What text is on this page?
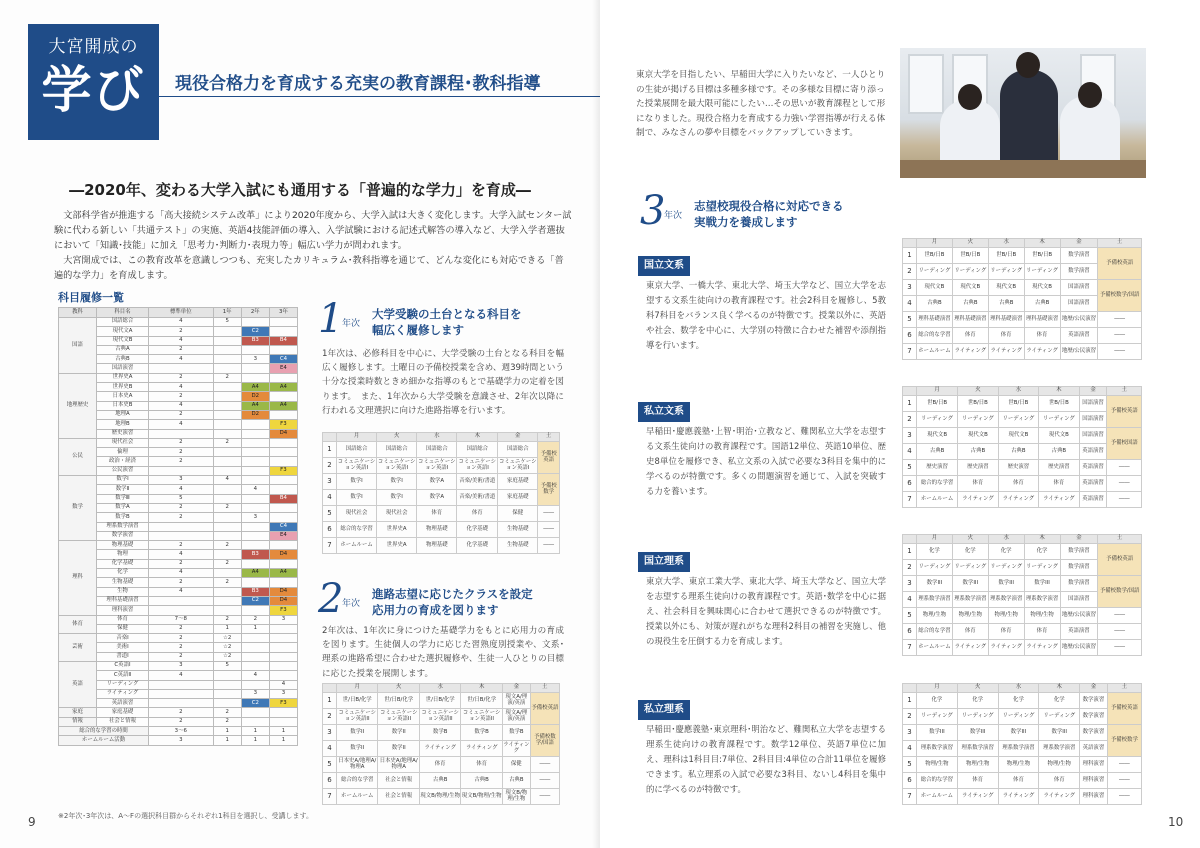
大宮開成の
学び	現役合格力を育成する充実の教育課程･教科指導
―2020年、変わる大学入試にも通用する「普遍的な学力」を育成―
文部科学省が推進する「高大接続システム改革」により2020年度から、大学入試は大きく変化します。大学入試センター試験に代わる新しい「共通テスト」の実施、英語4技能評価の導入、入学試験における記述式解答の導入など、大学入学者選抜において「知識･技能」に加え「思考力･判断力･表現力等」幅広い学力が問われます。
大宮開成では、この教育改革を意識しつつも、充実したカリキュラム･教科指導を通じて、どんな変化にも対応できる「普遍的な学力」を育成します。
科目履修一覧
教科	科目名	標準単位	1年	2年	3年
国語	国語総合	4	5		
	現代文A	2		C2	
	現代文B	4		B3	B4
	古典A	2			
	古典B	4		3	C4
	国語演習				E4
地理歴史	世界史A	2	2		
	世界史B	4		A4	A4
	日本史A	2		D2	
	日本史B	4		A4	A4
	地理A	2		D2	
	地理B	4			F3
	歴史演習				D4
公民	現代社会	2	2		
	倫理	2			
	政治・経済	2			
	公民演習				F3
数学	数学Ⅰ	3	4		
	数学Ⅱ	4		4	
	数学Ⅲ	5			B4
	数学A	2	2		
	数学B	2		3	
	理系数学演習				C4
	数学演習				E4
理科	物理基礎	2	2		
	物理	4		B3	D4
	化学基礎	2	2		
	化学	4		A4	A4
	生物基礎	2	2		
	生物	4		B3	D4
	理科基礎演習			C2	D4
	理科演習				F3
体育	体育	7～8	2	2	3
	保健	2	1	1	
芸術	音楽Ⅰ	2	☆2		
	美術Ⅰ	2	☆2		
	書道Ⅰ	2	☆2		
英語	C英語Ⅰ	3	5		
	C英語Ⅱ	4		4	
	リーディング				4
	ライティング			3	3
	英語演習			C2	F3
家庭	家庭基礎	2	2		
情報	社会と情報	2	2		
総合的な学習の時間		3～6	1	1	1
ホームルーム活動		3	1	1	1
※2年次･3年次は、A～Fの選択科目群からそれぞれ1科目を選択し、受講します。
9
1
年次
大学受験の土台となる科目を
幅広く履修します
1年次は、必修科目を中心に、大学受験の土台となる科目を幅広く履修します。土曜日の予備校授業を含め、週39時間という十分な授業時数ときめ細かな指導のもとで基礎学力の定着を図ります。　また、1年次から大学受験を意識させ、2年次以降に行われる文理選択に向けた進路指導を行います。
	月	火	水	木	金	土
1	国語総合	国語総合	国語総合	国語総合	国語総合	予備校英語
2	コミュニケーション英語I	コミュニケーション英語I	コミュニケーション英語I	コミュニケーション英語I	コミュニケーション英語I	
3	数学I	数学I	数学A	音楽/美術/書道	家庭基礎	予備校数学
4	数学I	数学I	数学A	音楽/美術/書道	家庭基礎	
5	現代社会	現代社会	体育	体育	保健	――
6	総合的な学習	世界史A	物理基礎	化学基礎	生物基礎	――
7	ホームルーム	世界史A	物理基礎	化学基礎	生物基礎	――
2
年次
進路志望に応じたクラスを設定
応用力の育成を図ります
2年次は、1年次に身につけた基礎学力をもとに応用力の育成を図ります。生徒個人の学力に応じた習熟度別授業や、文系･理系の進路希望に合わせた選択履修や、生徒一人ひとりの目標に応じた授業を展開します。
	月	火	水	木	金	土
1	世/日B/化学	世/日B/化学	世/日B/化学	世/日B/化学	現文A/理演/英演	予備校英語
2	コミュニケーション英語II	コミュニケーション英語II	コミュニケーション英語II	コミュニケーション英語II	現文A/理演/英演	
3	数学II	数学II	数学B	数学B	数学B	予備校数学/国語
4	数学II	数学II	ライティング	ライティング	ライティング	
5	日本史A/地理A/物理A	日本史A/地理A/物理A	体育	体育	保健	――
6	総合的な学習	社会と情報	古典B	古典B	古典B	――
7	ホームルーム	社会と情報	現文B/物理/生物	現文B/物理/生物	現文B/物理/生物	――
東京大学を目指したい、早稲田大学に入りたいなど、一人ひとりの生徒が掲げる目標は多種多様です。その多様な目標に寄り添った授業展開を最大限可能にしたい…その思いが教育課程として形になりました。現役合格力を育成する力強い学習指導が行える体制で、みなさんの夢や目標をバックアップしていきます。
3
年次
志望校現役合格に対応できる
実戦力を養成します
国立文系
東京大学、一橋大学、東北大学、埼玉大学など、国立大学を志望する文系生徒向けの教育課程です。社会2科目を履修し、5教科7科目をバランス良く学べるのが特徴です。授業以外に、英語や社会、数学を中心に、大学別の特徴に合わせた補習や添削指導を行います。
	月	火	水	木	金	土
1	世B/日B	世B/日B	世B/日B	世B/日B	数学演習	予備校英語
2	リーディング	リーディング	リーディング	リーディング	数学演習	
3	現代文B	現代文B	現代文B	現代文B	国語演習	予備校数学/国語
4	古典B	古典B	古典B	古典B	国語演習	
5	理科基礎演習	理科基礎演習	理科基礎演習	理科基礎演習	地歴/公民演習	――
6	総合的な学習	体育	体育	体育	英語演習	――
7	ホームルーム	ライティング	ライティング	ライティング	地歴/公民演習	――
私立文系
早稲田･慶應義塾･上智･明治･立教など、難関私立大学を志望する文系生徒向けの教育課程です。国語12単位、英語10単位、歴史8単位を履修でき、私立文系の入試で必要な3科目を集中的に学べるのが特徴です。多くの問題演習を通じて、入試を突破する力を養います。
	月	火	水	木	金	土
1	世B/日B	世B/日B	世B/日B	世B/日B	国語演習	予備校英語
2	リーディング	リーディング	リーディング	リーディング	国語演習	
3	現代文B	現代文B	現代文B	現代文B	国語演習	予備校国語
4	古典B	古典B	古典B	古典B	英語演習	
5	歴史演習	歴史演習	歴史演習	歴史演習	英語演習	――
6	総合的な学習	体育	体育	体育	英語演習	――
7	ホームルーム	ライティング	ライティング	ライティング	英語演習	――
国立理系
東京大学、東京工業大学、東北大学、埼玉大学など、国立大学を志望する理系生徒向けの教育課程です。英語･数学を中心に据え、社会科目を興味関心に合わせて選択できるのが特徴です。授業以外にも、対策が遅れがちな理科2科目の補習を実施し、他の現役生を圧倒する力を育成します。
	月	火	水	木	金	土
1	化学	化学	化学	化学	数学演習	予備校英語
2	リーディング	リーディング	リーディング	リーディング	数学演習	
3	数学III	数学III	数学III	数学III	数学演習	予備校数学/国語
4	理系数学演習	理系数学演習	理系数学演習	理系数学演習	国語演習	
5	物理/生物	物理/生物	物理/生物	物理/生物	地歴/公民演習	――
6	総合的な学習	体育	体育	体育	英語演習	――
7	ホームルーム	ライティング	ライティング	ライティング	地歴/公民演習	――
私立理系
早稲田･慶應義塾･東京理科･明治など、難関私立大学を志望する理系生徒向けの教育課程です。数学12単位、英語7単位に加え、理科は1科目目:7単位、2科目目:4単位の合計11単位を履修できます。私立理系の入試で必要な3科目、ないし4科目を集中的に学べるのが特徴です。
	月	火	水	木	金	土
1	化学	化学	化学	化学	数学演習	予備校英語
2	リーディング	リーディング	リーディング	リーディング	数学演習	
3	数学III	数学III	数学III	数学III	数学演習	予備校数学
4	理系数学演習	理系数学演習	理系数学演習	理系数学演習	英語演習	
5	物理/生物	物理/生物	物理/生物	物理/生物	理科演習	――
6	総合的な学習	体育	体育	体育	理科演習	――
7	ホームルーム	ライティング	ライティング	ライティング	理科演習	――
10
